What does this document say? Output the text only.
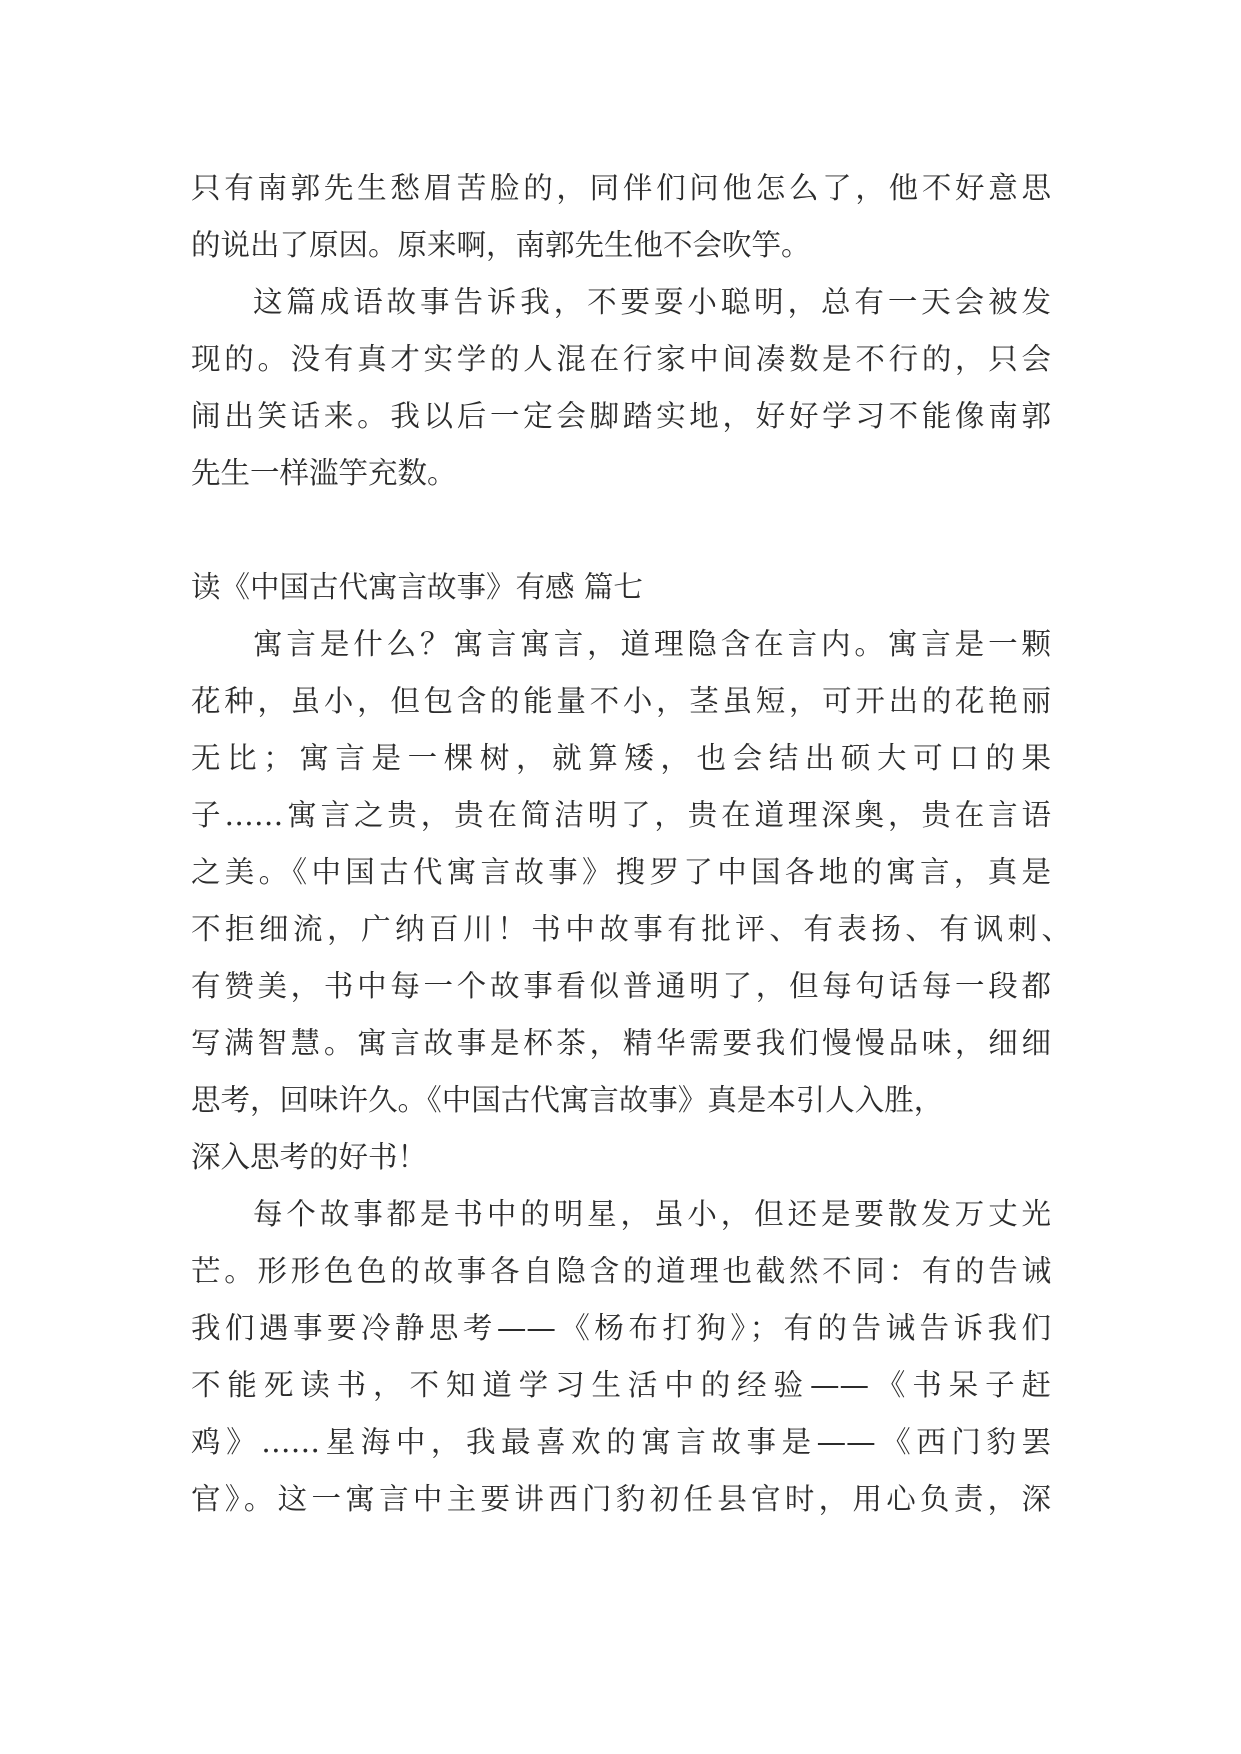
只有南郭先生愁眉苦脸的，同伴们问他怎么了，他不好意思
的说出了原因。原来啊，南郭先生他不会吹竽。
这篇成语故事告诉我，不要耍小聪明，总有一天会被发
现的。没有真才实学的人混在行家中间凑数是不行的，只会
闹出笑话来。我以后一定会脚踏实地，好好学习不能像南郭
先生一样滥竽充数。
读《中国古代寓言故事》有感 篇七
寓言是什么？寓言寓言，道理隐含在言内。寓言是一颗
花种，虽小，但包含的能量不小，茎虽短，可开出的花艳丽
无比；寓言是一棵树，就算矮，也会结出硕大可口的果
子……寓言之贵，贵在简洁明了，贵在道理深奥，贵在言语
之美。《中国古代寓言故事》搜罗了中国各地的寓言，真是
不拒细流，广纳百川！书中故事有批评、有表扬、有讽刺、
有赞美，书中每一个故事看似普通明了，但每句话每一段都
写满智慧。寓言故事是杯茶，精华需要我们慢慢品味，细细
思考，回味许久。《中国古代寓言故事》真是本引人入胜，
深入思考的好书！
每个故事都是书中的明星，虽小，但还是要散发万丈光
芒。形形色色的故事各自隐含的道理也截然不同：有的告诫
我们遇事要冷静思考——《杨布打狗》；有的告诫告诉我们
不能死读书，不知道学习生活中的经验——《书呆子赶
鸡》……星海中，我最喜欢的寓言故事是——《西门豹罢
官》。这一寓言中主要讲西门豹初任县官时，用心负责，深
